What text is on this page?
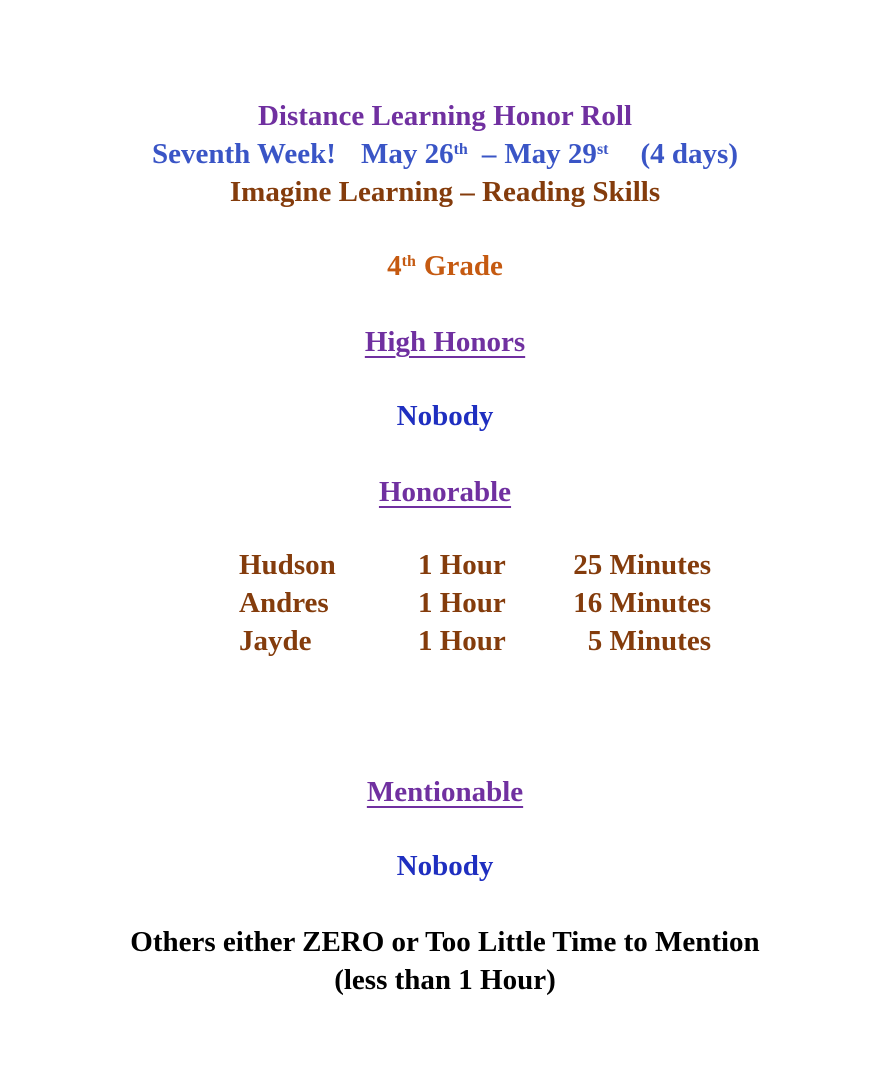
Distance Learning Honor Roll
Seventh Week! May 26th – May 29st (4 days)
Imagine Learning – Reading Skills
4th Grade
High Honors
Nobody
Honorable
Hudson	1 Hour 25 Minutes
Andres	1 Hour 16 Minutes
Jayde	1 Hour	5 Minutes
Mentionable
Nobody
Others either ZERO or Too Little Time to Mention
(less than 1 Hour)
